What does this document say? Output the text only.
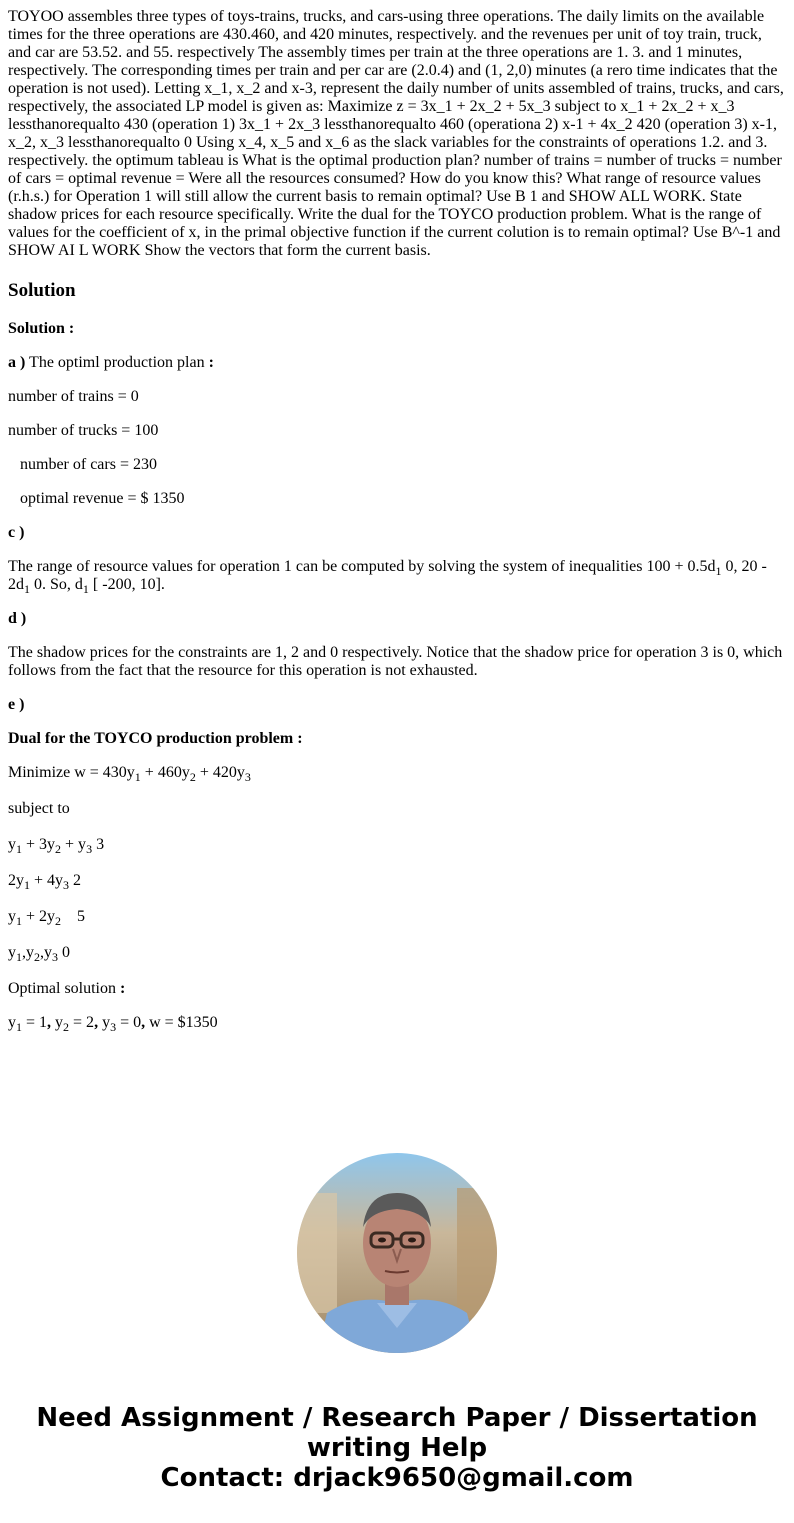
TOYOO assembles three types of toys-trains, trucks, and cars-using three operations. The daily limits on the available times for the three operations are 430.460, and 420 minutes, respectively. and the revenues per unit of toy train, truck, and car are 53.52. and 55. respectively The assembly times per train at the three operations are 1. 3. and 1 minutes, respectively. The corresponding times per train and per car are (2.0.4) and (1, 2,0) minutes (a rero time indicates that the operation is not used). Letting x_1, x_2 and x-3, represent the daily number of units assembled of trains, trucks, and cars, respectively, the associated LP model is given as: Maximize z = 3x_1 + 2x_2 + 5x_3 subject to x_1 + 2x_2 + x_3 lessthanorequalto 430 (operation 1) 3x_1 + 2x_3 lessthanorequalto 460 (operationa 2) x-1 + 4x_2 420 (operation 3) x-1, x_2, x_3 lessthanorequalto 0 Using x_4, x_5 and x_6 as the slack variables for the constraints of operations 1.2. and 3. respectively. the optimum tableau is What is the optimal production plan? number of trains = number of trucks = number of cars = optimal revenue = Were all the resources consumed? How do you know this? What range of resource values (r.h.s.) for Operation 1 will still allow the current basis to remain optimal? Use B 1 and SHOW ALL WORK. State shadow prices for each resource specifically. Write the dual for the TOYCO production problem. What is the range of values for the coefficient of x, in the primal objective function if the current colution is to remain optimal? Use B^-1 and SHOW AI L WORK Show the vectors that form the current basis.

Solution

Solution :

a ) The optiml production plan :

number of trains = 0

number of trucks = 100

number of cars = 230

optimal revenue = $ 1350

c )

The range of resource values for operation 1 can be computed by solving the system of inequalities $100 + 0.5d_1$ 0, $20 - 2d_1$ 0. So, $d_1$ [ -200, 10].

d )

The shadow prices for the constraints are 1, 2 and 0 respectively. Notice that the shadow price for operation 3 is 0, which follows from the fact that the resource for this operation is not exhausted.

e )

Dual for the TOYCO production problem :

Minimize $w = 430y_1 + 460y_2 + 420y_3$

subject to

$y_1 + 3y_2 + y_3$ 3

$2y_1 + 4y_3$ 2

$y_1 + 2y_2$    5

$y_1,y_2,y_3$ 0

Optimal solution :

$y_1 = 1$, $y_2 = 2$, $y_3 = 0$, w = $1350

Need Assignment / Research Paper / Dissertation
writing Help
Contact: drjack9650@gmail.com
